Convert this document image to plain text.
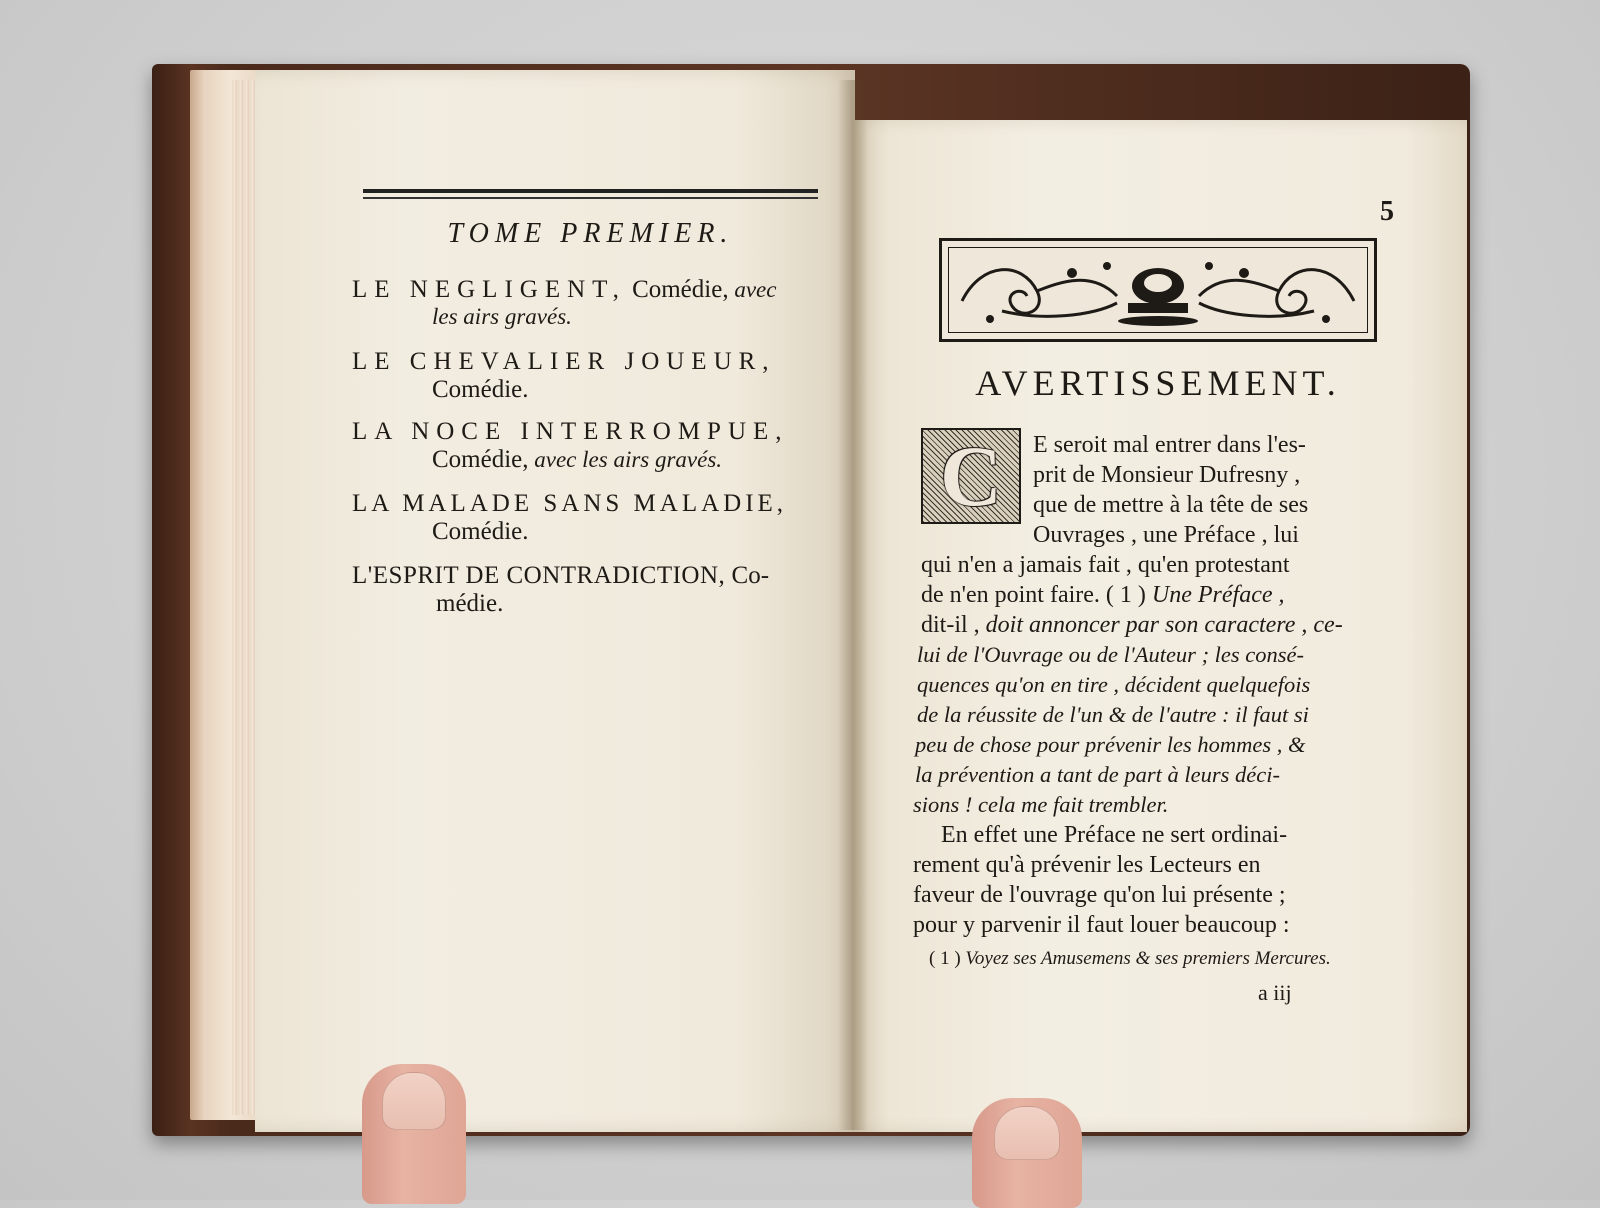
TOME PREMIER.
LE NEGLIGENT, Comédie, avec
les airs gravés.
LE CHEVALIER JOUEUR,
Comédie.
LA NOCE INTERROMPUE,
Comédie, avec les airs gravés.
LA MALADE SANS MALADIE,
Comédie.
L'ESPRIT DE CONTRADICTION, Co-
médie.
5
AVERTISSEMENT.
C E seroit mal entrer dans l'es-
prit de Monsieur Dufresny ,
que de mettre à la tête de ses
Ouvrages , une Préface , lui
qui n'en a jamais fait , qu'en protestant
de n'en point faire. ( 1 ) Une Préface ,
dit-il , doit annoncer par son caractere , ce-
lui de l'Ouvrage ou de l'Auteur ; les consé-
quences qu'on en tire , décident quelquefois
de la réussite de l'un & de l'autre : il faut si
peu de chose pour prévenir les hommes , &
la prévention a tant de part à leurs déci-
sions ! cela me fait trembler.
En effet une Préface ne sert ordinai-
rement qu'à prévenir les Lecteurs en
faveur de l'ouvrage qu'on lui présente ;
pour y parvenir il faut louer beaucoup :
( 1 ) Voyez ses Amusemens & ses premiers Mercures.
a iij
